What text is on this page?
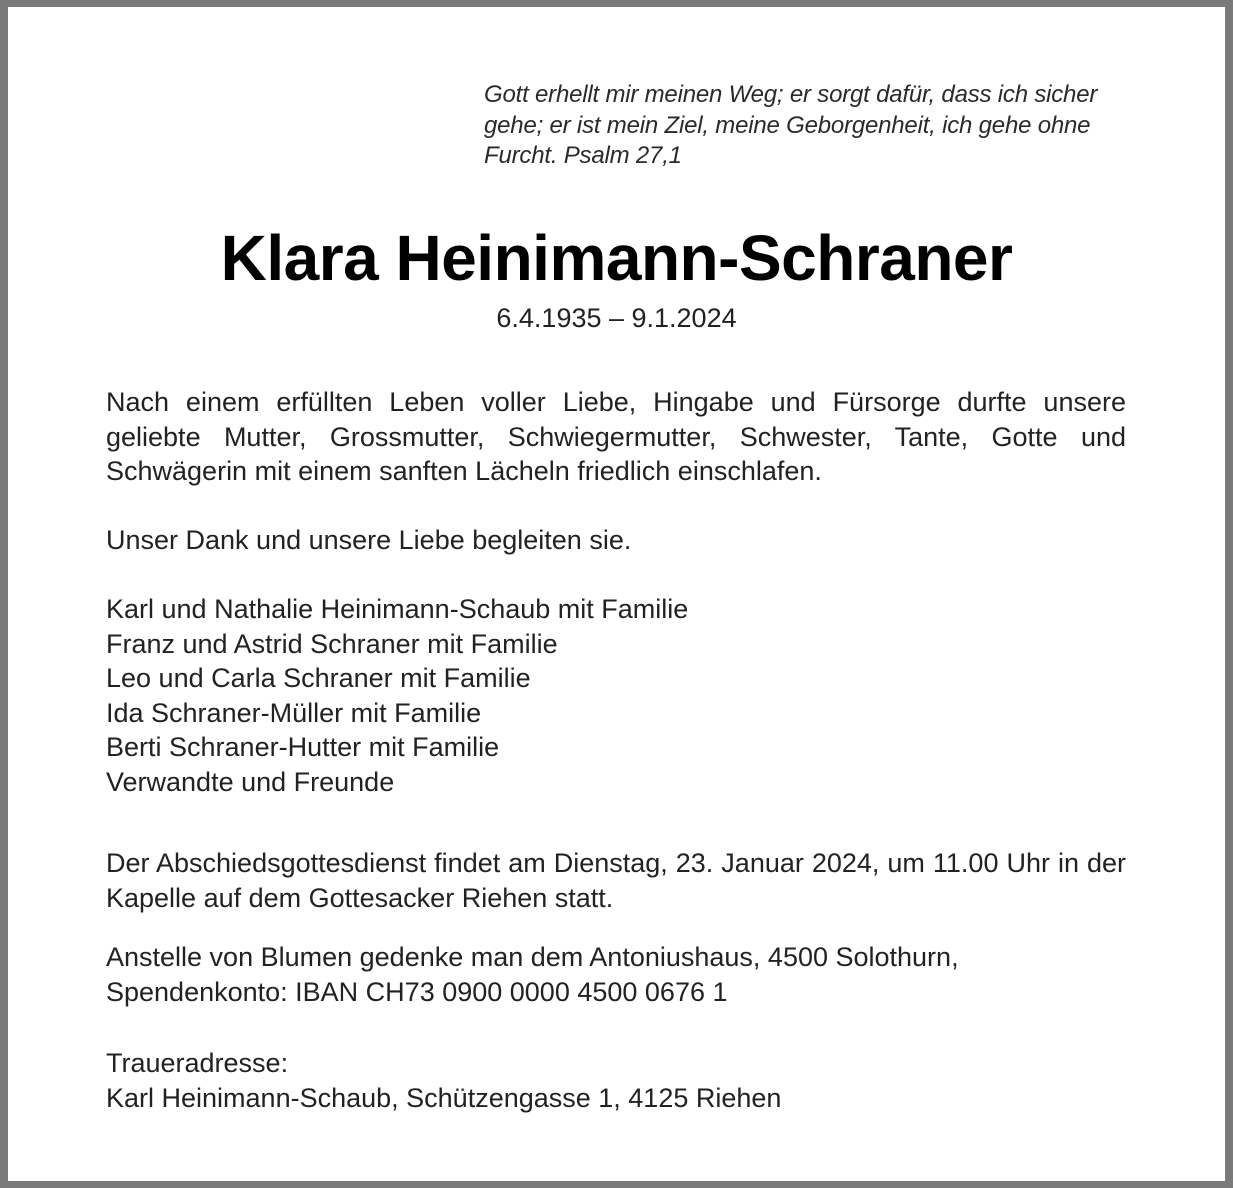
Gott erhellt mir meinen Weg; er sorgt dafür, dass ich sicher
gehe; er ist mein Ziel, meine Geborgenheit, ich gehe ohne
Furcht. Psalm 27,1
Klara Heinimann-Schraner
6.4.1935 – 9.1.2024
Nach einem erfüllten Leben voller Liebe, Hingabe und Fürsorge durfte unsere geliebte Mutter, Grossmutter, Schwiegermutter, Schwester, Tante, Gotte und Schwägerin mit einem sanften Lächeln friedlich einschlafen.
Unser Dank und unsere Liebe begleiten sie.
Karl und Nathalie Heinimann-Schaub mit Familie
Franz und Astrid Schraner mit Familie
Leo und Carla Schraner mit Familie
Ida Schraner-Müller mit Familie
Berti Schraner-Hutter mit Familie
Verwandte und Freunde
Der Abschiedsgottesdienst findet am Dienstag, 23. Januar 2024, um 11.00 Uhr in der Kapelle auf dem Gottesacker Riehen statt.
Anstelle von Blumen gedenke man dem Antoniushaus, 4500 Solothurn,
Spendenkonto: IBAN CH73 0900 0000 4500 0676 1
Traueradresse:
Karl Heinimann-Schaub, Schützengasse 1, 4125 Riehen
